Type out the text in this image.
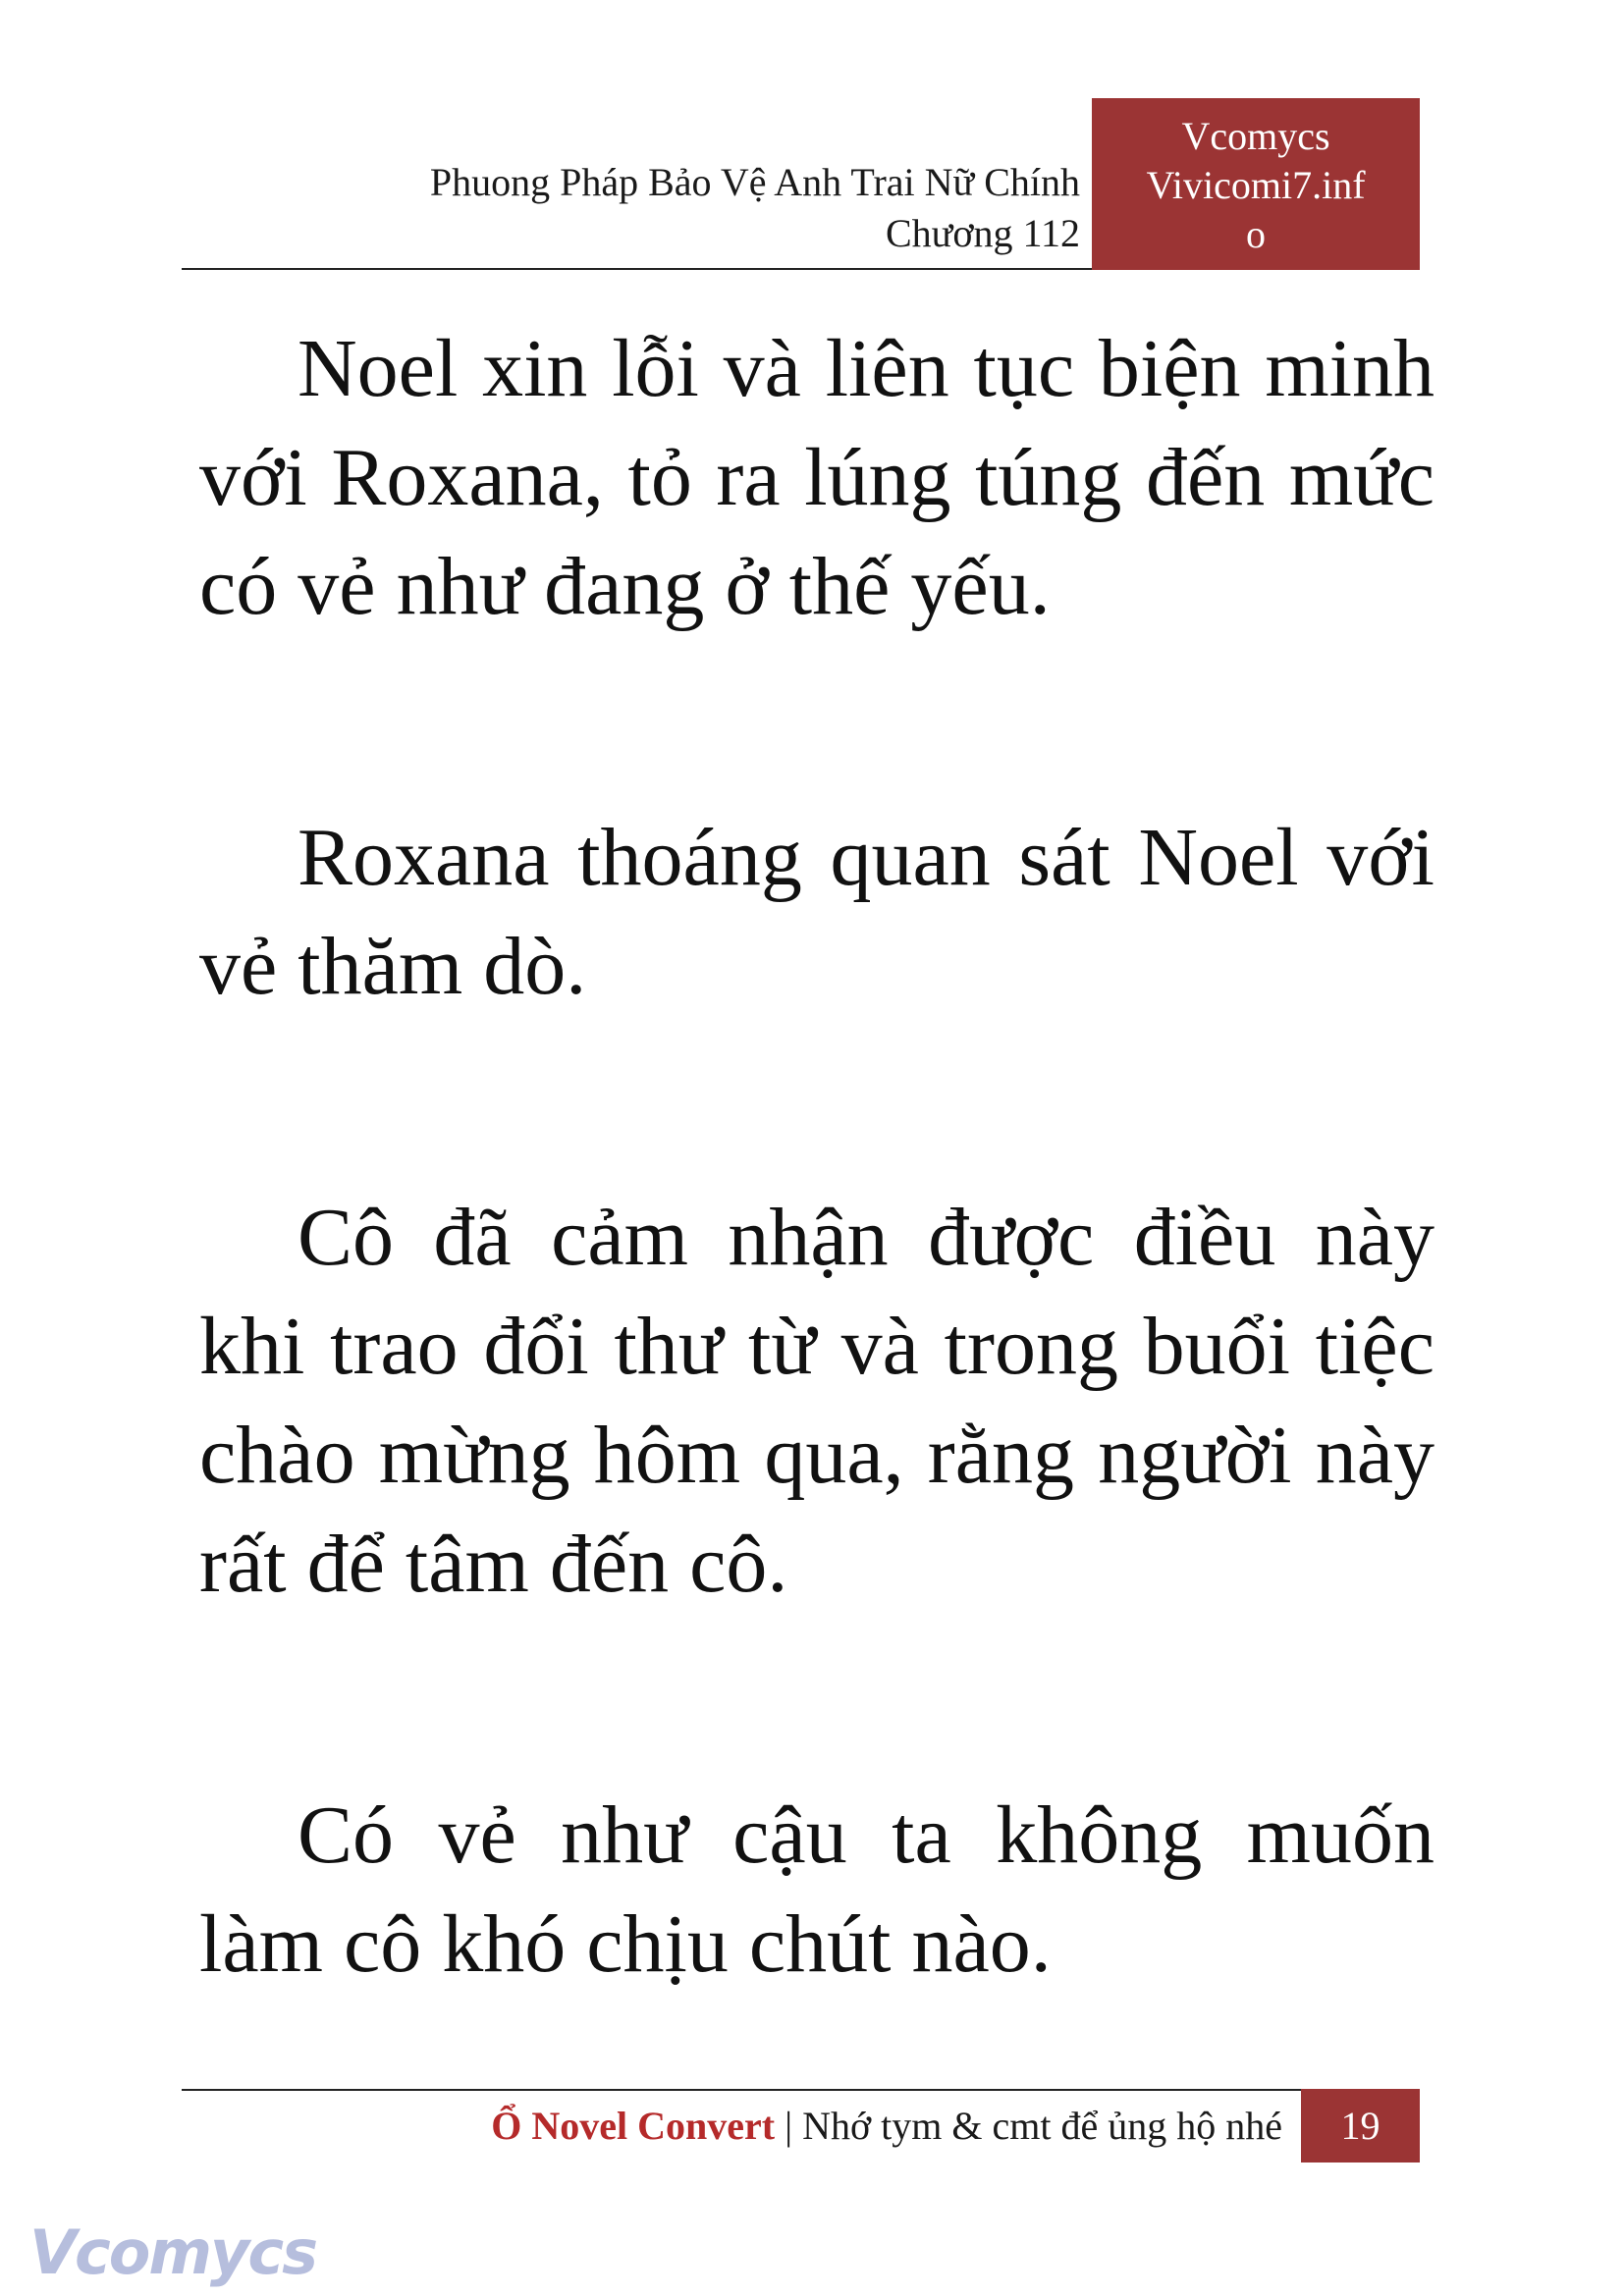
Phuong Pháp Bảo Vệ Anh Trai Nữ Chính
Chương 112
Vcomycs
Vivicomi7.inf
o

Noel xin lỗi và liên tục biện minh với Roxana, tỏ ra lúng túng đến mức có vẻ như đang ở thế yếu.

Roxana thoáng quan sát Noel với vẻ thăm dò.

Cô đã cảm nhận được điều này khi trao đổi thư từ và trong buổi tiệc chào mừng hôm qua, rằng người này rất để tâm đến cô.

Có vẻ như cậu ta không muốn làm cô khó chịu chút nào.

Ổ Novel Convert | Nhớ tym & cmt để ủng hộ nhé	19
Vcomycs
